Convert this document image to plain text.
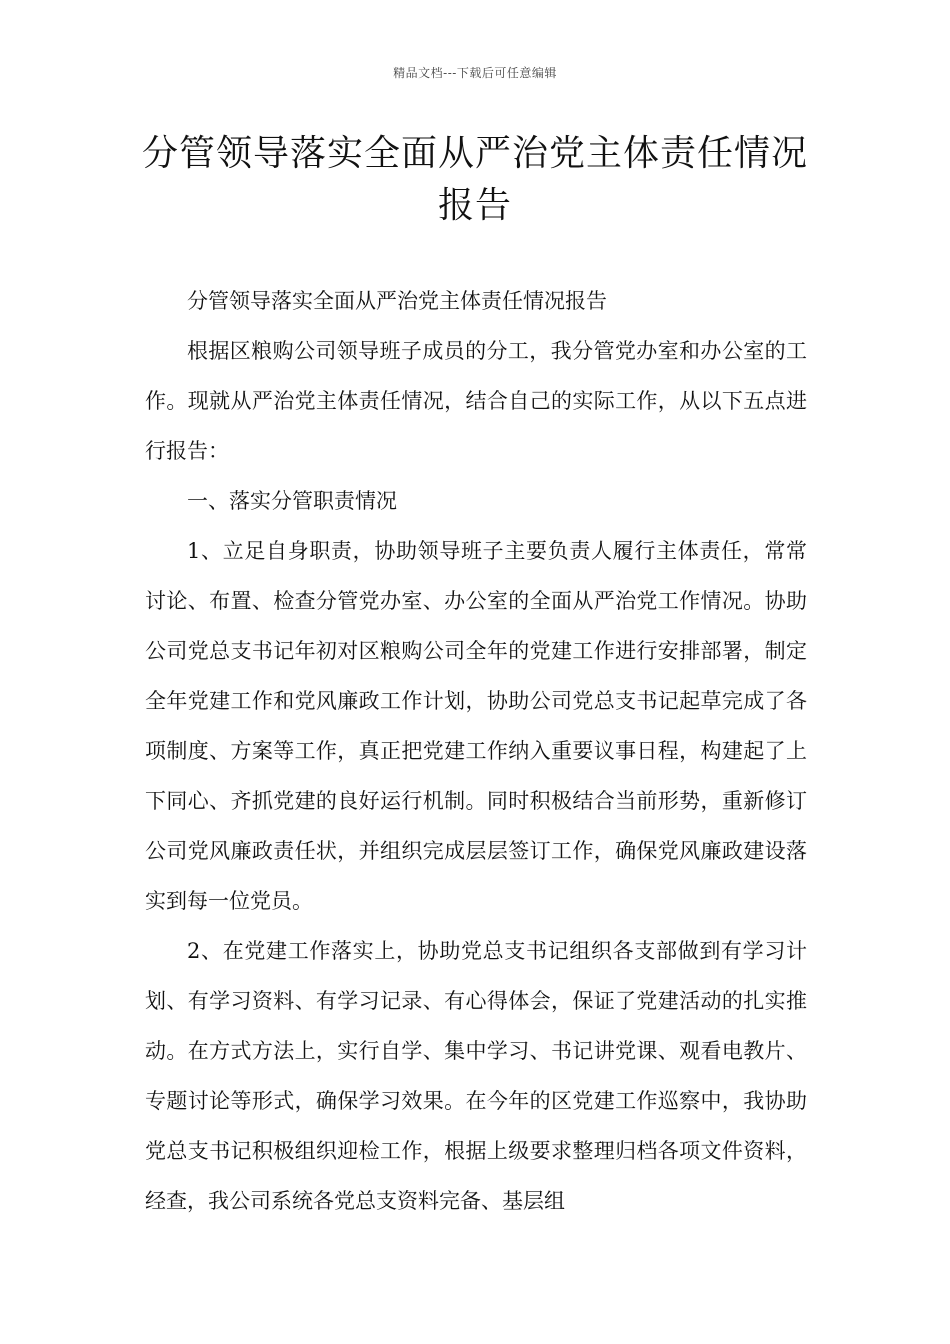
精品文档---下载后可任意编辑
分管领导落实全面从严治党主体责任情况报告

分管领导落实全面从严治党主体责任情况报告

根据区粮购公司领导班子成员的分工，我分管党办室和办公室的工作。现就从严治党主体责任情况，结合自己的实际工作，从以下五点进行报告：

一、落实分管职责情况

1、立足自身职责，协助领导班子主要负责人履行主体责任，常常讨论、布置、检查分管党办室、办公室的全面从严治党工作情况。协助公司党总支书记年初对区粮购公司全年的党建工作进行安排部署，制定全年党建工作和党风廉政工作计划，协助公司党总支书记起草完成了各项制度、方案等工作，真正把党建工作纳入重要议事日程，构建起了上下同心、齐抓党建的良好运行机制。同时积极结合当前形势，重新修订公司党风廉政责任状，并组织完成层层签订工作，确保党风廉政建设落实到每一位党员。

2、在党建工作落实上，协助党总支书记组织各支部做到有学习计划、有学习资料、有学习记录、有心得体会，保证了党建活动的扎实推动。在方式方法上，实行自学、集中学习、书记讲党课、观看电教片、专题讨论等形式，确保学习效果。在今年的区党建工作巡察中，我协助党总支书记积极组织迎检工作，根据上级要求整理归档各项文件资料，经查，我公司系统各党总支资料完备、基层组
